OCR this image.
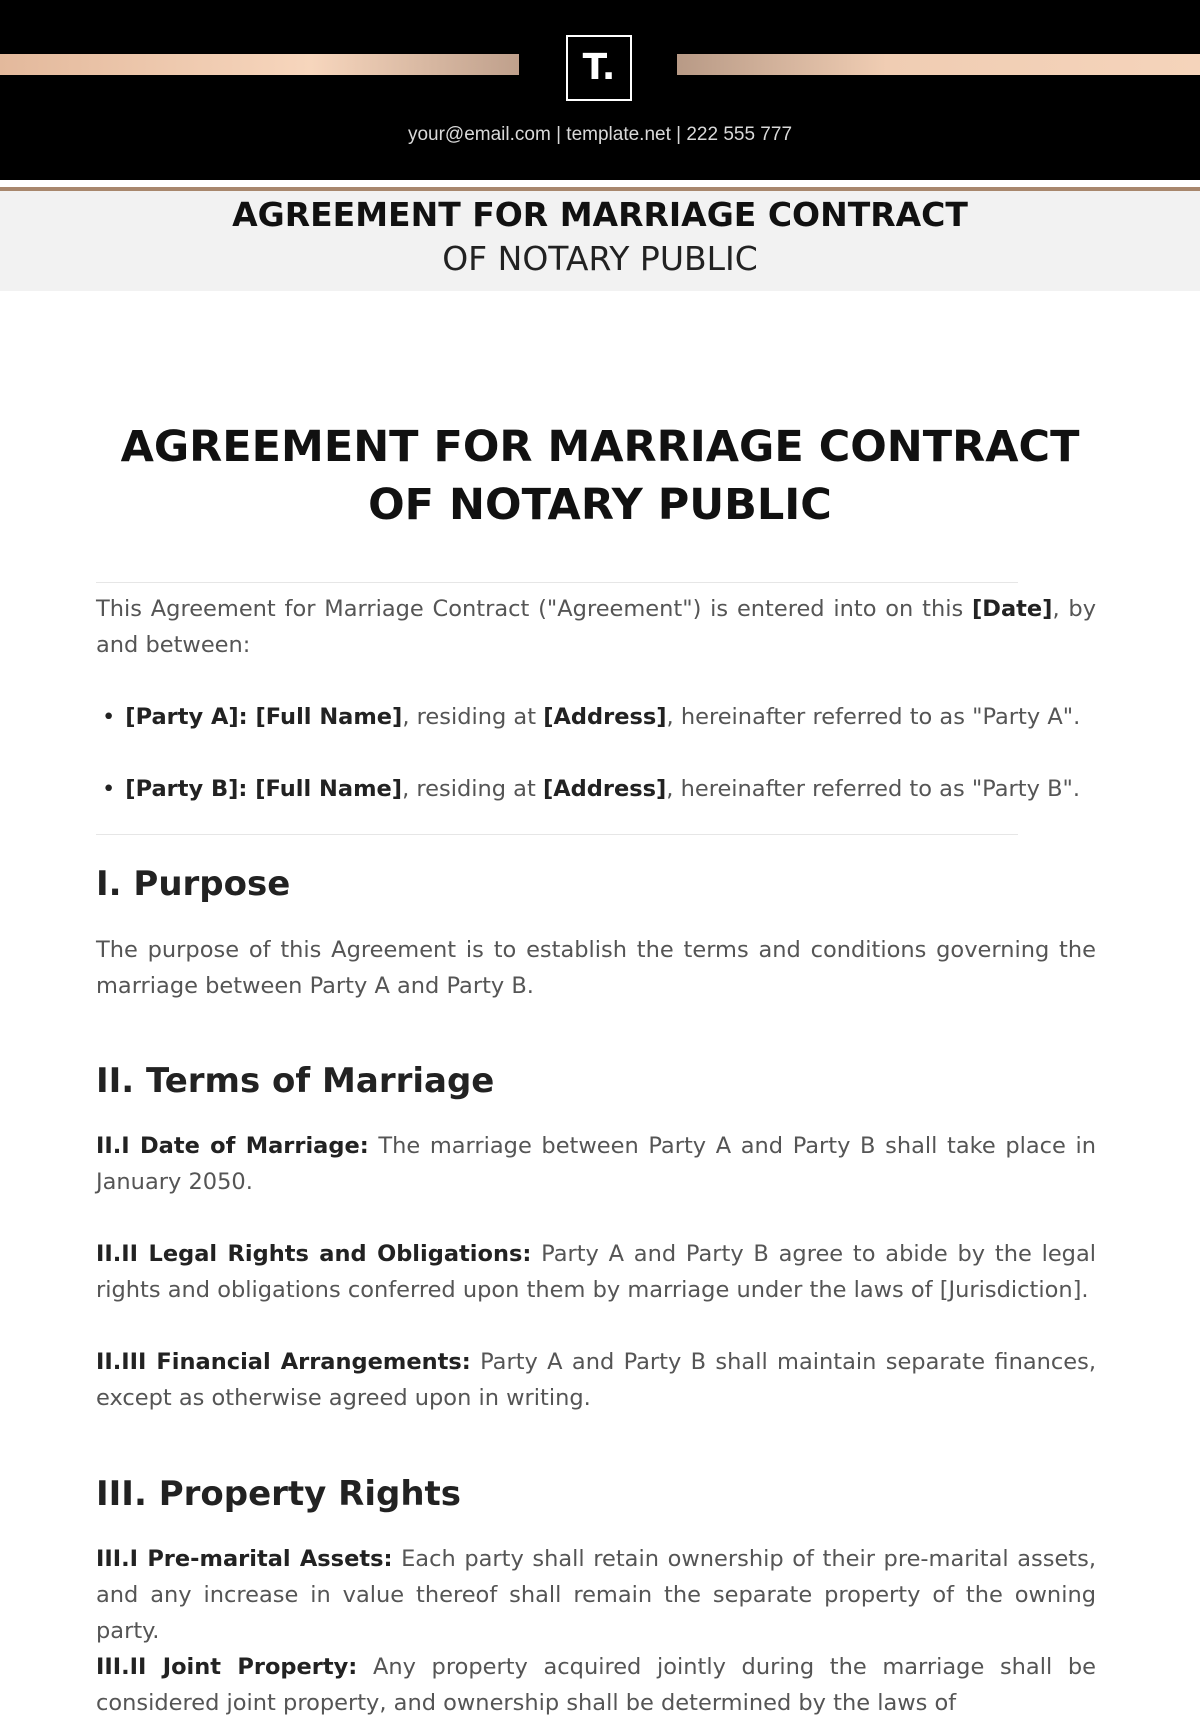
T.
your@email.com | template.net | 222 555 777
AGREEMENT FOR MARRIAGE CONTRACT
OF NOTARY PUBLIC
AGREEMENT FOR MARRIAGE CONTRACT
OF NOTARY PUBLIC
This Agreement for Marriage Contract ("Agreement") is entered into on this [Date], by and between:
• [Party A]: [Full Name], residing at [Address], hereinafter referred to as "Party A".
• [Party B]: [Full Name], residing at [Address], hereinafter referred to as "Party B".
I. Purpose
The purpose of this Agreement is to establish the terms and conditions governing the marriage between Party A and Party B.
II. Terms of Marriage
II.I Date of Marriage: The marriage between Party A and Party B shall take place in January 2050.
II.II Legal Rights and Obligations: Party A and Party B agree to abide by the legal rights and obligations conferred upon them by marriage under the laws of [Jurisdiction].
II.III Financial Arrangements: Party A and Party B shall maintain separate finances, except as otherwise agreed upon in writing.
III. Property Rights
III.I Pre-marital Assets: Each party shall retain ownership of their pre-marital assets, and any increase in value thereof shall remain the separate property of the owning party.
III.II Joint Property: Any property acquired jointly during the marriage shall be considered joint property, and ownership shall be determined by the laws of
